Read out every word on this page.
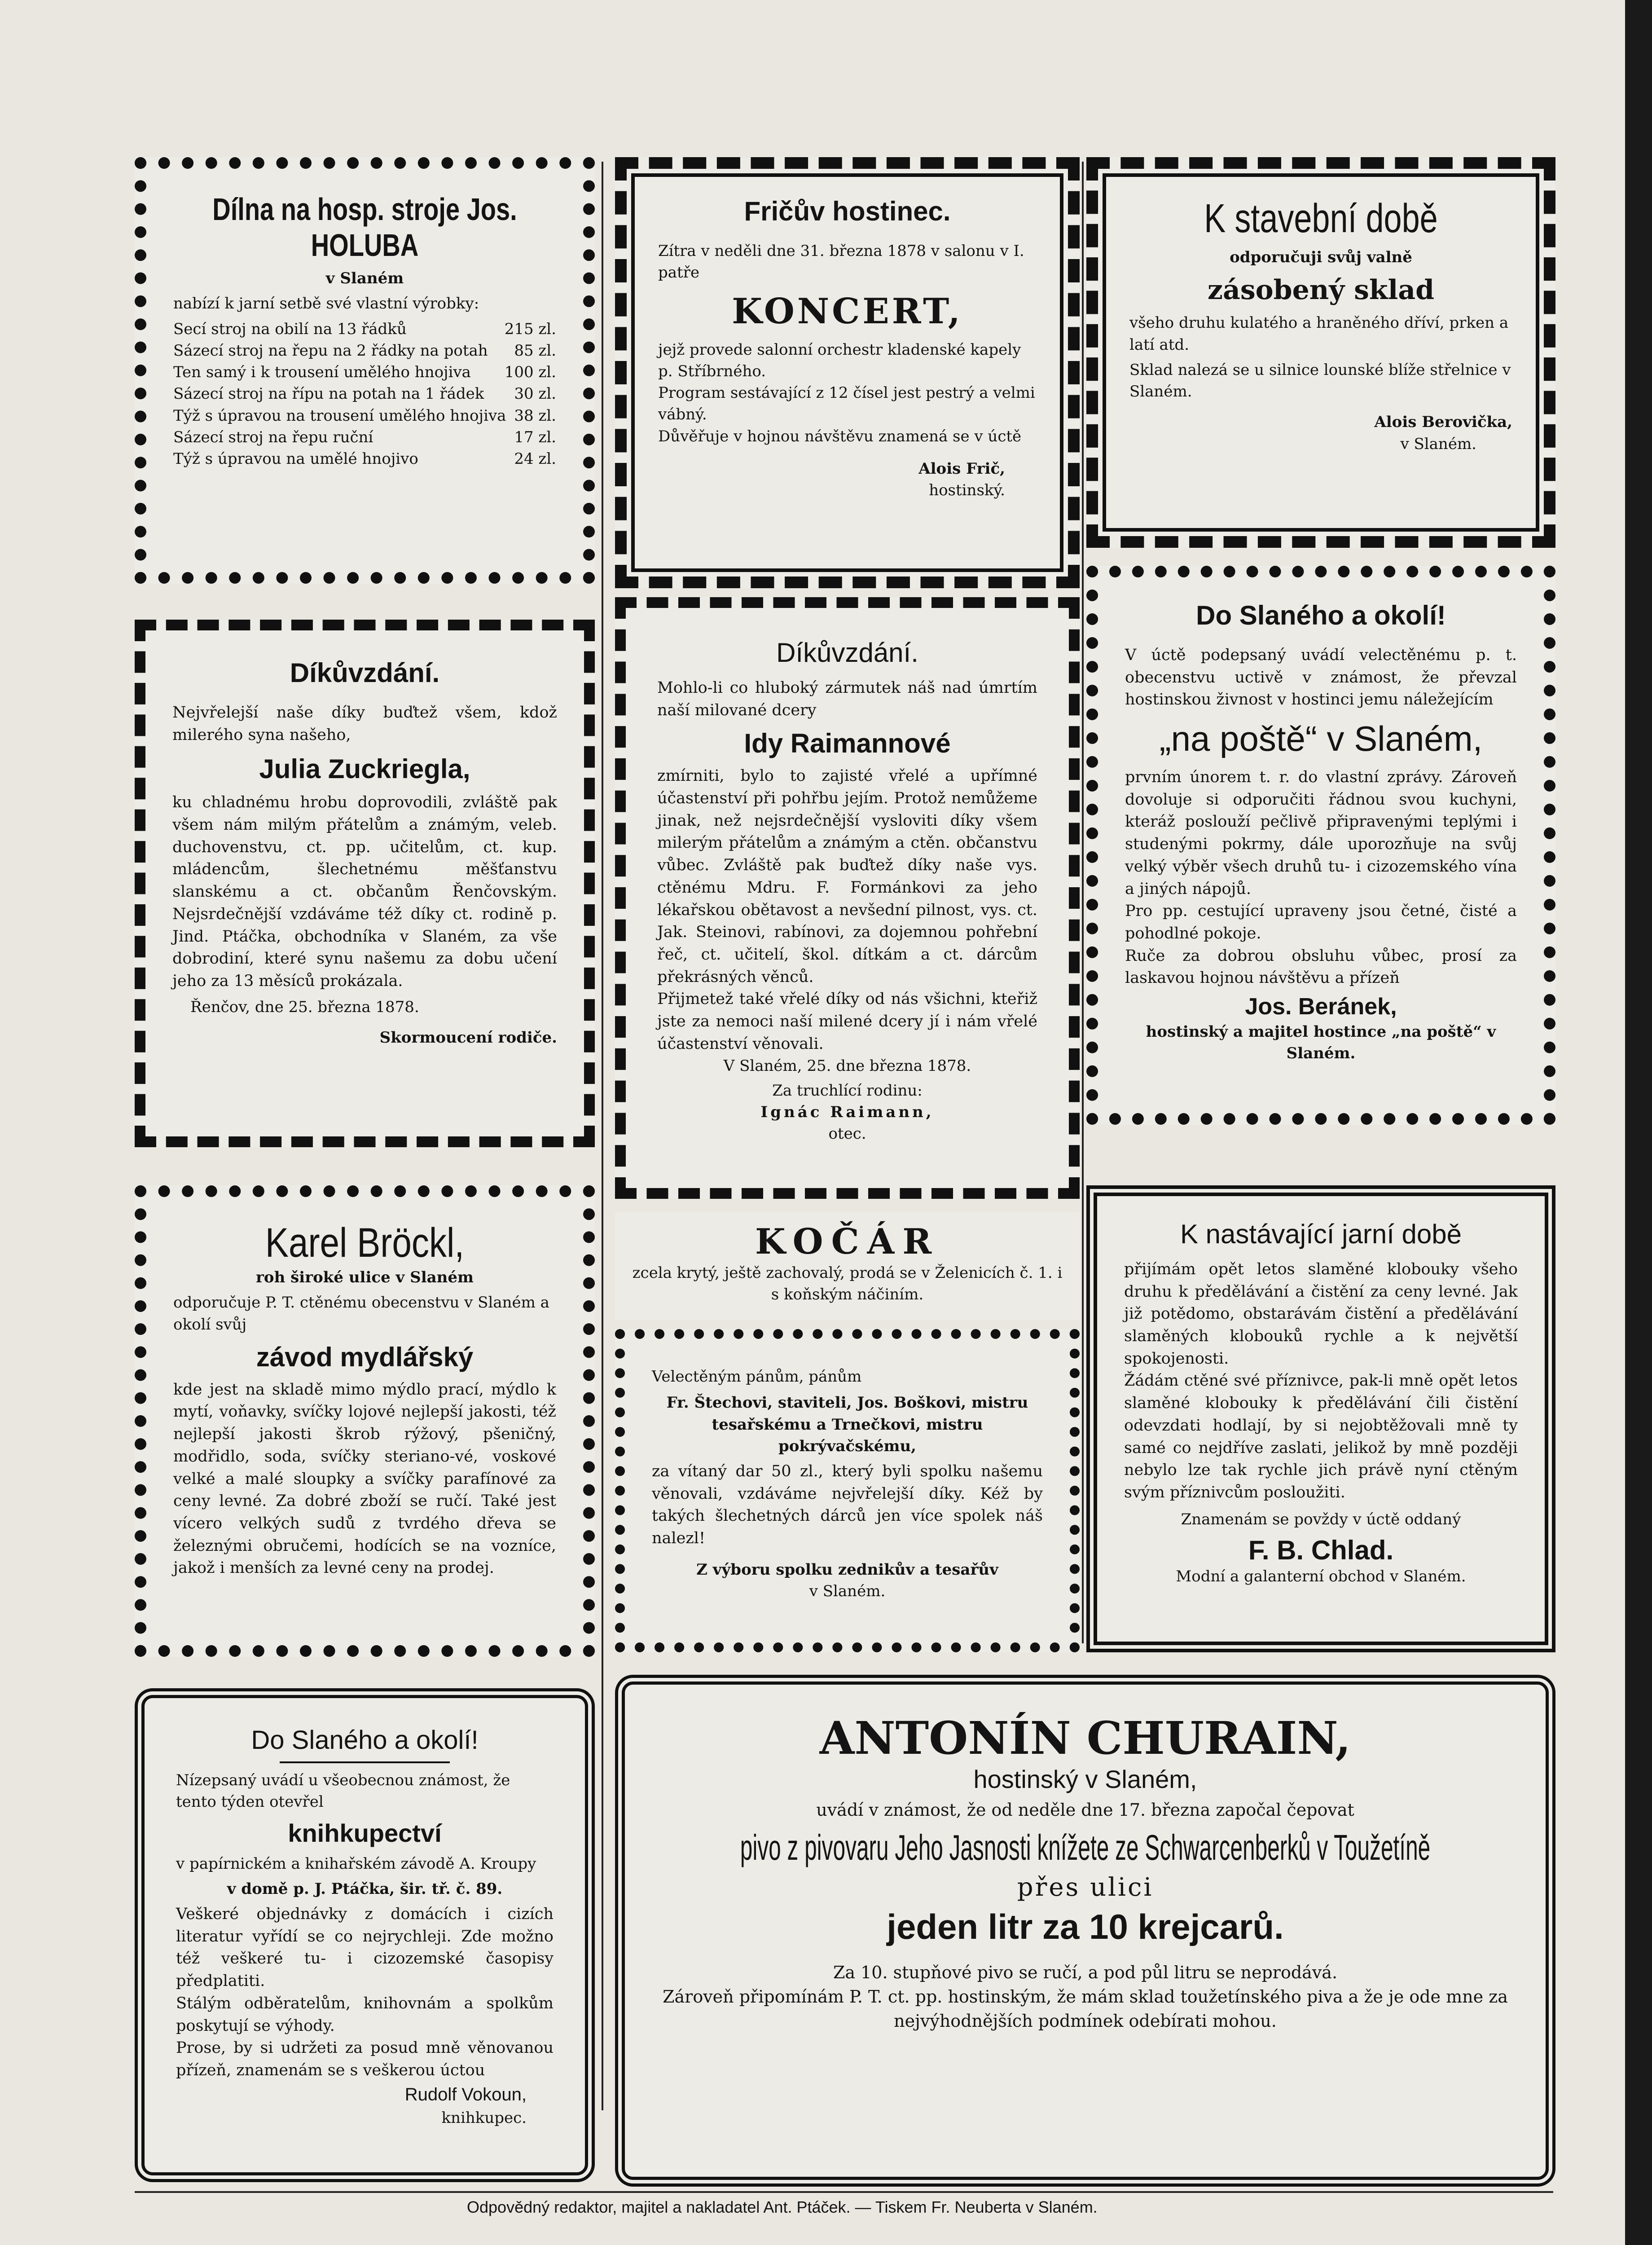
Dílna na hosp. stroje Jos. HOLUBA
v Slaném
nabízí k jarní setbě své vlastní výrobky:
Secí stroj na obilí na 13 řádků	215 zl.
Sázecí stroj na řepu na 2 řádky na potah	85 zl.
Ten samý i k trousení umělého hnojiva	100 zl.
Sázecí stroj na řípu na potah na 1 řádek	30 zl.
Týž s úpravou na trousení umělého hnojiva 38 zl.
Sázecí stroj na řepu ruční	17 zl.
Týž s úpravou na umělé hnojivo	24 zl.
Fričův hostinec.
Zítra v neděli dne 31. března 1878 v salonu v I. patře
KONCERT,
jejž provede salonní orchestr kladenské kapely p. Stříbrného.
Program sestávající z 12 čísel jest pestrý a velmi vábný.
Důvěřuje v hojnou návštěvu znamená se v úctě
Alois Frič,
hostinský.
K stavební době
odporučuji svůj valně
zásobený sklad
všeho druhu kulatého a hraněného dříví, prken a latí atd.
Sklad nalezá se u silnice lounské blíže střelnice v Slaném.
Alois Berovička,
v Slaném.
Díkůvzdání.
Nejvřelejší naše díky buďtež všem, kdož milerého syna našeho,
Julia Zuckriegla,
ku chladnému hrobu doprovodili, zvláště pak všem nám milým přátelům a známým, veleb. duchovenstvu, ct. pp. učitelům, ct. kup. mládencům, šlechetnému měšťanstvu slanskému a ct. občanům Řenčovským. Nejsrdečnější vzdáváme též díky ct. rodině p. Jind. Ptáčka, obchodníka v Slaném, za vše dobrodiní, které synu našemu za dobu učení jeho za 13 měsíců prokázala.
Řenčov, dne 25. března 1878.
Skormoucení rodiče.
Díkůvzdání.
Mohlo-li co hluboký zármutek náš nad úmrtím naší milované dcery
Idy Raimannové
zmírniti, bylo to zajisté vřelé a upřímné účastenství při pohřbu jejím. Protož nemůžeme jinak, než nejsrdečnější vysloviti díky všem milerým přátelům a známým a ctěn. občanstvu vůbec. Zvláště pak buďtež díky naše vys. ctěnému Mdru. F. Formánkovi za jeho lékařskou obětavost a nevšední pilnost, vys. ct. Jak. Steinovi, rabínovi, za dojemnou pohřební řeč, ct. učitelí, škol. dítkám a ct. dárcům překrásných věnců.
Přijmetež také vřelé díky od nás všichni, kteřiž jste za nemoci naší milené dcery jí i nám vřelé účastenství věnovali.
V Slaném, 25. dne března 1878.
Za truchlící rodinu:
Ignác Raimann,
otec.
Do Slaného a okolí!
V úctě podepsaný uvádí velectěnému p. t. obecenstvu uctivě v známost, že převzal hostinskou živnost v hostinci jemu náležejícím
„na poště“ v Slaném,
prvním únorem t. r. do vlastní zprávy. Zároveň dovoluje si odporučiti řádnou svou kuchyni, kteráž poslouží pečlivě připravenými teplými i studenými pokrmy, dále uporozňuje na svůj velký výběr všech druhů tu- i cizozemského vína a jiných nápojů.
Pro pp. cestující upraveny jsou četné, čisté a pohodlné pokoje.
Ruče za dobrou obsluhu vůbec, prosí za laskavou hojnou návštěvu a přízeň
Jos. Beránek,
hostinský a majitel hostince „na poště“ v Slaném.
Karel Bröckl,
roh široké ulice v Slaném
odporučuje P. T. ctěnému obecenstvu v Slaném a okolí svůj
závod mydlářský
kde jest na skladě mimo mýdlo prací, mýdlo k mytí, voňavky, svíčky lojové nejlepší jakosti, též nejlepší jakosti škrob rýžový, pšeničný, modřidlo, soda, svíčky steriano-vé, voskové velké a malé sloupky a svíčky parafínové za ceny levné. Za dobré zboží se ručí. Také jest vícero velkých sudů z tvrdého dřeva se železnými obručemi, hodících se na vozníce, jakož i menších za levné ceny na prodej.
KOČÁR
zcela krytý, ještě zachovalý, prodá se v Želenicích č. 1. i s koňským náčiním.
Velectěným pánům, pánům
Fr. Štechovi, staviteli, Jos. Boškovi, mistru tesařskému a Trnečkovi, mistru pokrývačskému,
za vítaný dar 50 zl., který byli spolku našemu věnovali, vzdáváme nejvřelejší díky. Kéž by takých šlechetných dárců jen více spolek náš nalezl!
Z výboru spolku zednikův a tesařův
v Slaném.
K nastávající jarní době
přijímám opět letos slaměné klobouky všeho druhu k předělávání a čistění za ceny levné. Jak již potědomo, obstarávám čistění a předělávání slaměných klobouků rychle a k největší spokojenosti.
Žádám ctěné své příznivce, pak-li mně opět letos slaměné klobouky k předělávání čili čistění odevzdati hodlají, by si nejobtěžovali mně ty samé co nejdříve zaslati, jelikož by mně později nebylo lze tak rychle jich právě nyní ctěným svým příznivcům posloužiti.
Znamenám se povždy v úctě oddaný
F. B. Chlad.
Modní a galanterní obchod v Slaném.
Do Slaného a okolí!
Nízepsaný uvádí u všeobecnou známost, že tento týden otevřel
knihkupectví
v papírnickém a knihařském závodě A. Kroupy
v domě p. J. Ptáčka, šir. tř. č. 89.
Veškeré objednávky z domácích i cizích literatur vyřídí se co nejrychleji. Zde možno též veškeré tu- i cizozemské časopisy předplatiti.
Stálým odběratelům, knihovnám a spolkům poskytují se výhody.
Prose, by si udržeti za posud mně věnovanou přízeň, znamenám se s veškerou úctou
Rudolf Vokoun,
knihkupec.
ANTONÍN CHURAIN,
hostinský v Slaném,
uvádí v známost, že od neděle dne 17. března započal čepovat
pivo z pivovaru Jeho Jasnosti knížete ze Schwarcenberků v Toužetíně
přes ulici
jeden litr za 10 krejcarů.
Za 10. stupňové pivo se ručí, a pod půl litru se neprodává.
Zároveň připomínám P. T. ct. pp. hostinským, že mám sklad toužetínského piva a že je ode mne za nejvýhodnějších podmínek odebírati mohou.
Odpovědný redaktor, majitel a nakladatel Ant. Ptáček. — Tiskem Fr. Neuberta v Slaném.
